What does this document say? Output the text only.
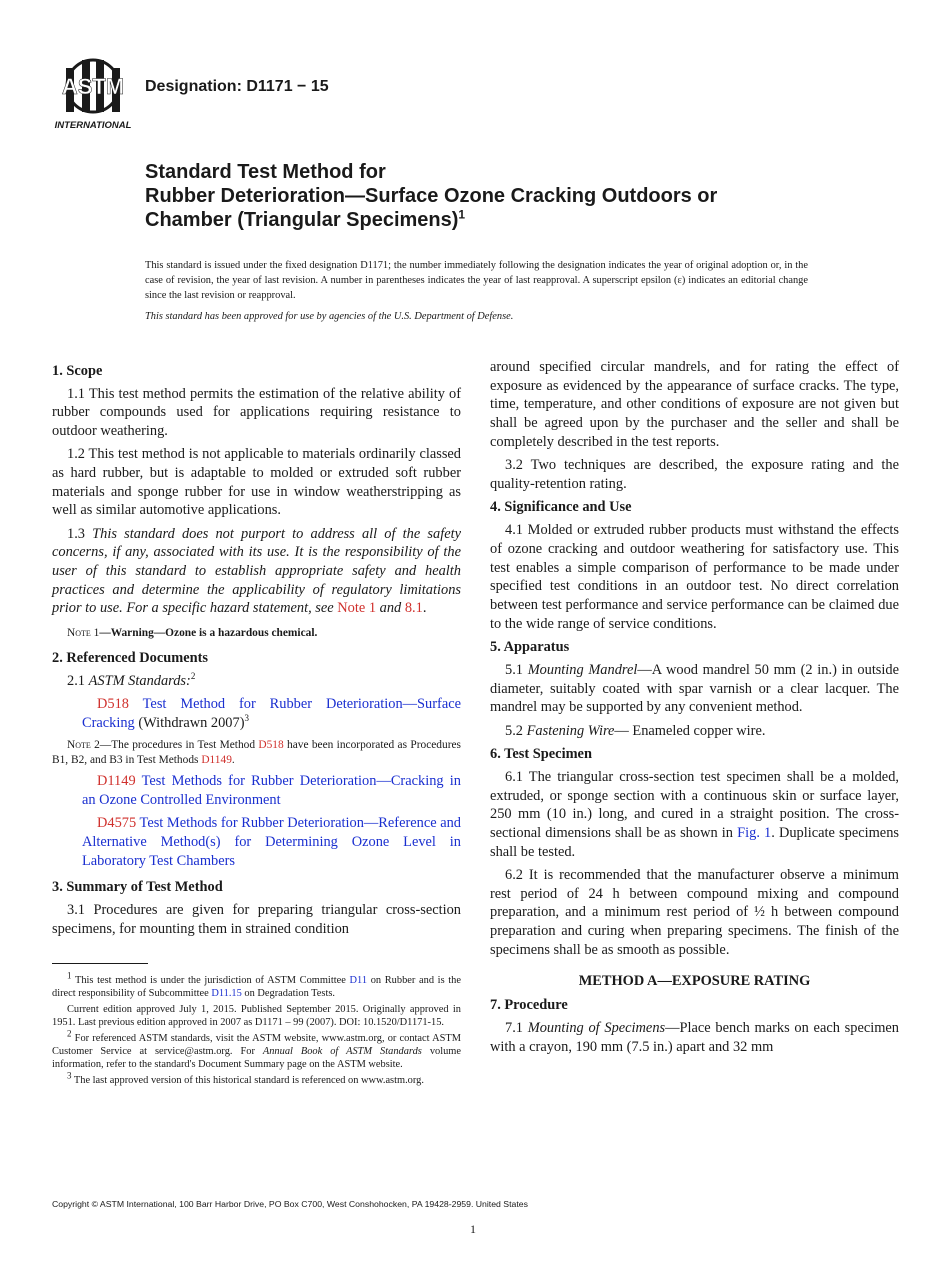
ASTM
INTERNATIONAL
Designation: D1171 − 15
Standard Test Method for
Rubber Deterioration—Surface Ozone Cracking Outdoors or
Chamber (Triangular Specimens)$^1$
This standard is issued under the fixed designation D1171; the number immediately following the designation indicates the year of original adoption or, in the case of revision, the year of last revision. A number in parentheses indicates the year of last reapproval. A superscript epsilon (ε) indicates an editorial change since the last revision or reapproval.
This standard has been approved for use by agencies of the U.S. Department of Defense.
1. Scope

1.1 This test method permits the estimation of the relative ability of rubber compounds used for applications requiring resistance to outdoor weathering.

1.2 This test method is not applicable to materials ordinarily classed as hard rubber, but is adaptable to molded or extruded soft rubber materials and sponge rubber for use in window weatherstripping as well as similar automotive applications.

1.3 This standard does not purport to address all of the safety concerns, if any, associated with its use. It is the responsibility of the user of this standard to establish appropriate safety and health practices and determine the applicability of regulatory limitations prior to use. For a specific hazard statement, see Note 1 and 8.1.

Note 1—Warning—Ozone is a hazardous chemical.
2. Referenced Documents

2.1 ASTM Standards:$^2$

D518 Test Method for Rubber Deterioration—Surface Cracking (Withdrawn 2007)$^3$

Note 2—The procedures in Test Method D518 have been incorporated as Procedures B1, B2, and B3 in Test Methods D1149.

D1149 Test Methods for Rubber Deterioration—Cracking in an Ozone Controlled Environment

D4575 Test Methods for Rubber Deterioration—Reference and Alternative Method(s) for Determining Ozone Level in Laboratory Test Chambers

3. Summary of Test Method

3.1 Procedures are given for preparing triangular cross-section specimens, for mounting them in strained condition

$^1$ This test method is under the jurisdiction of ASTM Committee D11 on Rubber and is the direct responsibility of Subcommittee D11.15 on Degradation Tests.

Current edition approved July 1, 2015. Published September 2015. Originally approved in 1951. Last previous edition approved in 2007 as D1171 – 99 (2007). DOI: 10.1520/D1171-15.

$^2$ For referenced ASTM standards, visit the ASTM website, www.astm.org, or contact ASTM Customer Service at service@astm.org. For Annual Book of ASTM Standards volume information, refer to the standard's Document Summary page on the ASTM website.

$^3$ The last approved version of this historical standard is referenced on www.astm.org.

around specified circular mandrels, and for rating the effect of exposure as evidenced by the appearance of surface cracks. The type, time, temperature, and other conditions of exposure are not given but shall be agreed upon by the purchaser and the seller and shall be completely described in the test reports.

3.2 Two techniques are described, the exposure rating and the quality-retention rating.

4. Significance and Use

4.1 Molded or extruded rubber products must withstand the effects of ozone cracking and outdoor weathering for satisfactory use. This test enables a simple comparison of performance to be made under specified test conditions in an outdoor test. No direct correlation between test performance and service performance can be claimed due to the wide range of service conditions.

5. Apparatus

5.1 Mounting Mandrel—A wood mandrel 50 mm (2 in.) in outside diameter, suitably coated with spar varnish or a clear lacquer. The mandrel may be supported by any convenient method.

5.2 Fastening Wire— Enameled copper wire.

6. Test Specimen

6.1 The triangular cross-section test specimen shall be a molded, extruded, or sponge section with a continuous skin or surface layer, 250 mm (10 in.) long, and cured in a straight position. The cross-sectional dimensions shall be as shown in Fig. 1. Duplicate specimens shall be tested.

6.2 It is recommended that the manufacturer observe a minimum rest period of 24 h between compound mixing and compound preparation, and a minimum rest period of ½ h between compound preparation and curing when preparing specimens. The finish of the specimens shall be as smooth as possible.

METHOD A—EXPOSURE RATING
7. Procedure

7.1 Mounting of Specimens—Place bench marks on each specimen with a crayon, 190 mm (7.5 in.) apart and 32 mm

Copyright © ASTM International, 100 Barr Harbor Drive, PO Box C700, West Conshohocken, PA 19428-2959. United States
1
